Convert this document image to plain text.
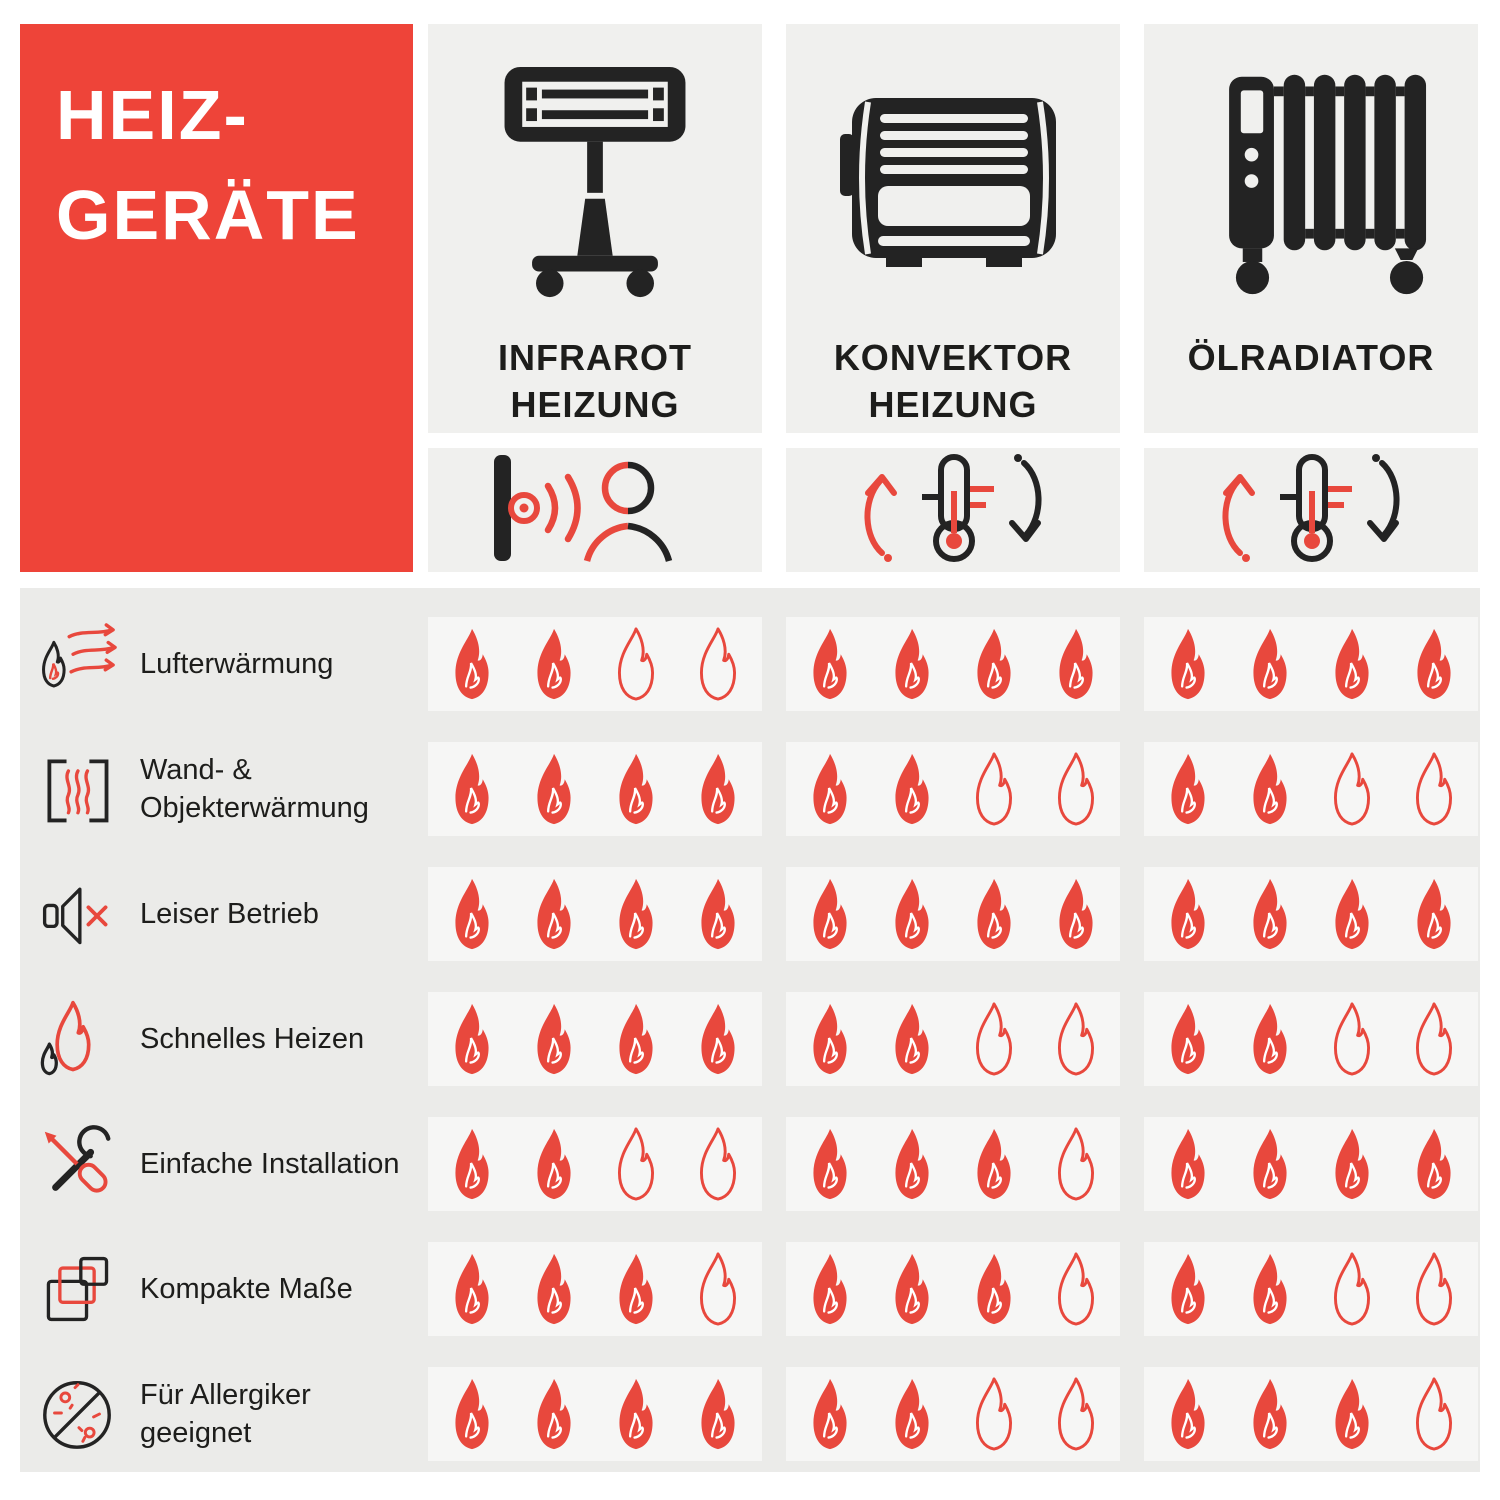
HEIZ-
GERÄTE
INFRAROT
HEIZUNG
KONVEKTOR
HEIZUNG
ÖLRADIATOR
Lufterwärmung
Wand- &
Objekterwärmung
Leiser Betrieb
Schnelles Heizen
Einfache Installation
Kompakte Maße
Für Allergiker
geeignet
